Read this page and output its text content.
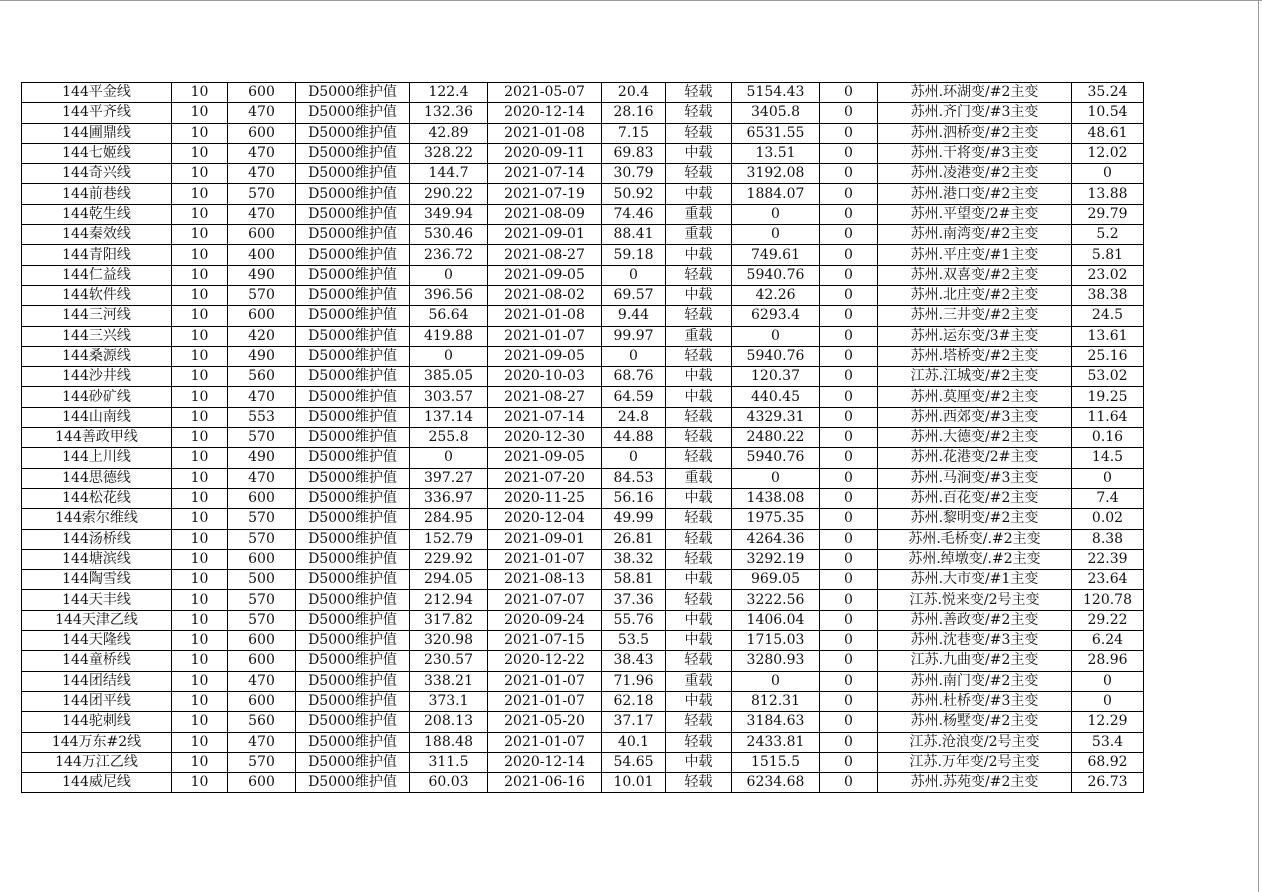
144平金线	10	600	D5000维护值	122.4	2021-05-07	20.4	轻载	5154.43	0	苏州.环湖变/#2主变	35.24
144平齐线	10	470	D5000维护值	132.36	2020-12-14	28.16	轻载	3405.8	0	苏州.齐门变/#3主变	10.54
144圃鼎线	10	600	D5000维护值	42.89	2021-01-08	7.15	轻载	6531.55	0	苏州.泗桥变/#2主变	48.61
144七姬线	10	470	D5000维护值	328.22	2020-09-11	69.83	中载	13.51	0	苏州.干将变/#3主变	12.02
144奇兴线	10	470	D5000维护值	144.7	2021-07-14	30.79	轻载	3192.08	0	苏州.凌港变/#2主变	0
144前巷线	10	570	D5000维护值	290.22	2021-07-19	50.92	中载	1884.07	0	苏州.港口变/#2主变	13.88
144乾生线	10	470	D5000维护值	349.94	2021-08-09	74.46	重载	0	0	苏州.平望变/2#主变	29.79
144秦效线	10	600	D5000维护值	530.46	2021-09-01	88.41	重载	0	0	苏州.南湾变/#2主变	5.2
144青阳线	10	400	D5000维护值	236.72	2021-08-27	59.18	中载	749.61	0	苏州.平庄变/#1主变	5.81
144仁益线	10	490	D5000维护值	0	2021-09-05	0	轻载	5940.76	0	苏州.双喜变/#2主变	23.02
144软件线	10	570	D5000维护值	396.56	2021-08-02	69.57	中载	42.26	0	苏州.北庄变/#2主变	38.38
144三河线	10	600	D5000维护值	56.64	2021-01-08	9.44	轻载	6293.4	0	苏州.三井变/#2主变	24.5
144三兴线	10	420	D5000维护值	419.88	2021-01-07	99.97	重载	0	0	苏州.运东变/3#主变	13.61
144桑源线	10	490	D5000维护值	0	2021-09-05	0	轻载	5940.76	0	苏州.塔桥变/#2主变	25.16
144沙井线	10	560	D5000维护值	385.05	2020-10-03	68.76	中载	120.37	0	江苏.江城变/#2主变	53.02
144砂矿线	10	470	D5000维护值	303.57	2021-08-27	64.59	中载	440.45	0	苏州.莫厘变/#2主变	19.25
144山南线	10	553	D5000维护值	137.14	2021-07-14	24.8	轻载	4329.31	0	苏州.西郊变/#3主变	11.64
144善政甲线	10	570	D5000维护值	255.8	2020-12-30	44.88	轻载	2480.22	0	苏州.大德变/#2主变	0.16
144上川线	10	490	D5000维护值	0	2021-09-05	0	轻载	5940.76	0	苏州.花港变/2#主变	14.5
144思德线	10	470	D5000维护值	397.27	2021-07-20	84.53	重载	0	0	苏州.马涧变/#3主变	0
144松花线	10	600	D5000维护值	336.97	2020-11-25	56.16	中载	1438.08	0	苏州.百花变/#2主变	7.4
144索尔维线	10	570	D5000维护值	284.95	2020-12-04	49.99	轻载	1975.35	0	苏州.黎明变/#2主变	0.02
144汤桥线	10	570	D5000维护值	152.79	2021-09-01	26.81	轻载	4264.36	0	苏州.毛桥变/.#2主变	8.38
144塘滨线	10	600	D5000维护值	229.92	2021-01-07	38.32	轻载	3292.19	0	苏州.绰墩变/.#2主变	22.39
144陶雪线	10	500	D5000维护值	294.05	2021-08-13	58.81	中载	969.05	0	苏州.大市变/#1主变	23.64
144天丰线	10	570	D5000维护值	212.94	2021-07-07	37.36	轻载	3222.56	0	江苏.悦来变/2号主变	120.78
144天津乙线	10	570	D5000维护值	317.82	2020-09-24	55.76	中载	1406.04	0	苏州.善政变/#2主变	29.22
144天隆线	10	600	D5000维护值	320.98	2021-07-15	53.5	中载	1715.03	0	苏州.沈巷变/#3主变	6.24
144童桥线	10	600	D5000维护值	230.57	2020-12-22	38.43	轻载	3280.93	0	江苏.九曲变/#2主变	28.96
144团结线	10	470	D5000维护值	338.21	2021-01-07	71.96	重载	0	0	苏州.南门变/#2主变	0
144团平线	10	600	D5000维护值	373.1	2021-01-07	62.18	中载	812.31	0	苏州.杜桥变/#3主变	0
144驼刺线	10	560	D5000维护值	208.13	2021-05-20	37.17	轻载	3184.63	0	苏州.杨墅变/#2主变	12.29
144万东#2线	10	470	D5000维护值	188.48	2021-01-07	40.1	轻载	2433.81	0	江苏.沧浪变/2号主变	53.4
144万江乙线	10	570	D5000维护值	311.5	2020-12-14	54.65	中载	1515.5	0	江苏.万年变/2号主变	68.92
144威尼线	10	600	D5000维护值	60.03	2021-06-16	10.01	轻载	6234.68	0	苏州.苏苑变/#2主变	26.73
